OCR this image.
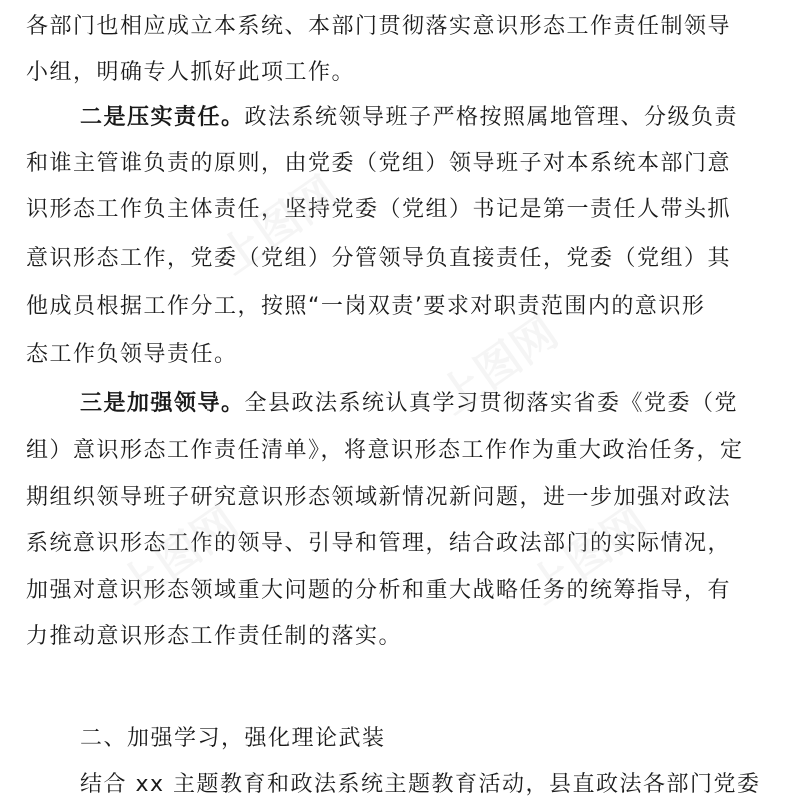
各部门也相应成立本系统、本部门贯彻落实意识形态工作责任制领导
小组，明确专人抓好此项工作。
二是压实责任。政法系统领导班子严格按照属地管理、分级负责
和谁主管谁负责的原则，由党委（党组）领导班子对本系统本部门意
识形态工作负主体责任，坚持党委（党组）书记是第一责任人带头抓
意识形态工作，党委（党组）分管领导负直接责任，党委（党组）其
他成员根据工作分工，按照“一岗双责’要求对职责范围内的意识形
态工作负领导责任。
三是加强领导。全县政法系统认真学习贯彻落实省委《党委（党
组）意识形态工作责任清单》，将意识形态工作作为重大政治任务，定
期组织领导班子研究意识形态领域新情况新问题，进一步加强对政法
系统意识形态工作的领导、引导和管理，结合政法部门的实际情况，
加强对意识形态领域重大问题的分析和重大战略任务的统筹指导，有
力推动意识形态工作责任制的落实。
二、加强学习，强化理论武装
结合 xx 主题教育和政法系统主题教育活动，县直政法各部门党委
上图网
上图网
上图网	上图网
